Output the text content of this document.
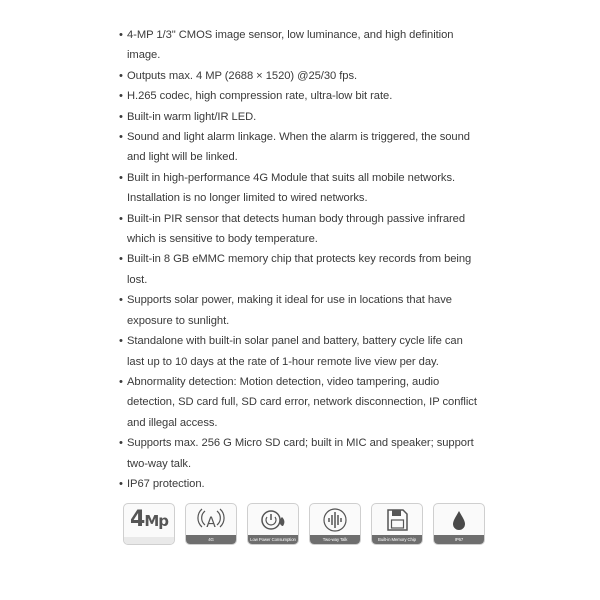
• 4-MP 1/3" CMOS image sensor, low luminance, and high definition
image.
• Outputs max. 4 MP (2688 × 1520) @25/30 fps.
• H.265 codec, high compression rate, ultra-low bit rate.
• Built-in warm light/IR LED.
• Sound and light alarm linkage. When the alarm is triggered, the sound
and light will be linked.
• Built in high-performance 4G Module that suits all mobile networks.
Installation is no longer limited to wired networks.
• Built-in PIR sensor that detects human body through passive infrared
which is sensitive to body temperature.
• Built-in 8 GB eMMC memory chip that protects key records from being
lost.
• Supports solar power, making it ideal for use in locations that have
exposure to sunlight.
• Standalone with built-in solar panel and battery, battery cycle life can
last up to 10 days at the rate of 1-hour remote live view per day.
• Abnormality detection: Motion detection, video tampering, audio
detection, SD card full, SD card error, network disconnection, IP conflict
and illegal access.
• Supports max. 256 G Micro SD card; built in MIC and speaker; support
two-way talk.
• IP67 protection.
4Mp	A
4G	Low Power Consumption	Two-way Talk	Built-in Memory Chip	IP67
